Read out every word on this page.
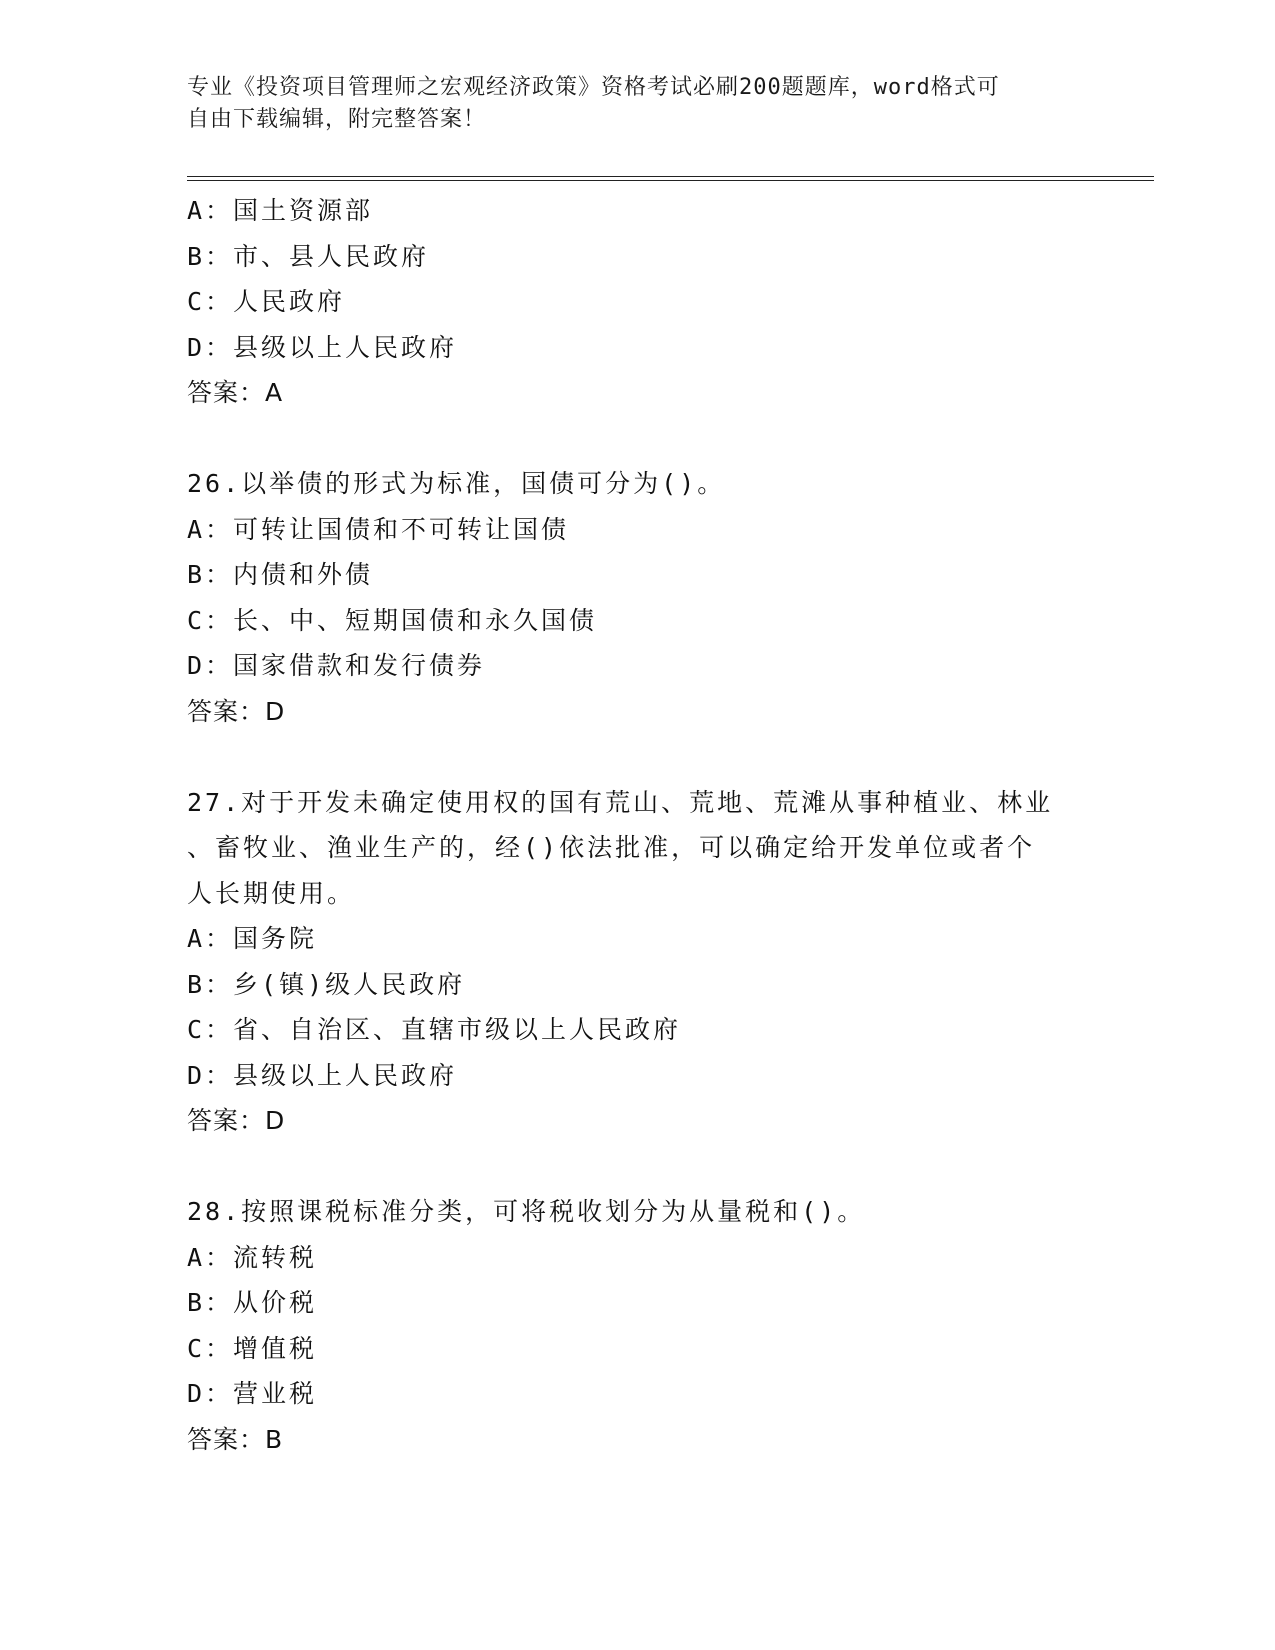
专业《投资项目管理师之宏观经济政策》资格考试必刷200题题库，word格式可
自由下载编辑，附完整答案！
A：国土资源部
B：市、县人民政府
C：人民政府
D：县级以上人民政府
答案：A
26.以举债的形式为标准，国债可分为()。
A：可转让国债和不可转让国债
B：内债和外债
C：长、中、短期国债和永久国债
D：国家借款和发行债券
答案：D
27.对于开发未确定使用权的国有荒山、荒地、荒滩从事种植业、林业
、畜牧业、渔业生产的，经()依法批准，可以确定给开发单位或者个
人长期使用。
A：国务院
B：乡(镇)级人民政府
C：省、自治区、直辖市级以上人民政府
D：县级以上人民政府
答案：D
28.按照课税标准分类，可将税收划分为从量税和()。
A：流转税
B：从价税
C：增值税
D：营业税
答案：B
